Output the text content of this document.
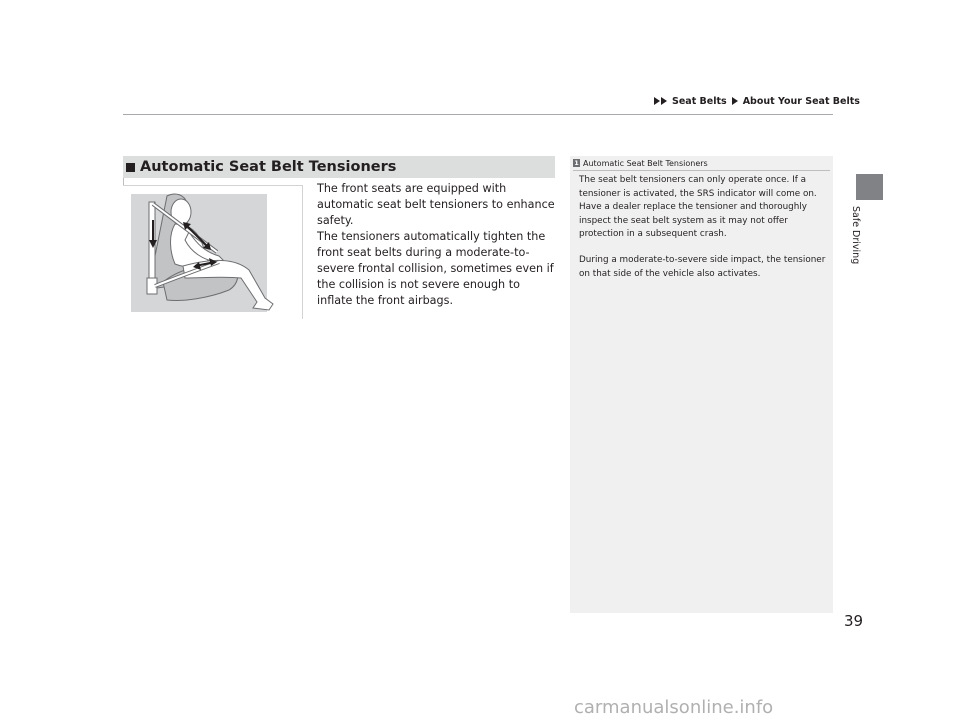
Seat Belts About Your Seat Belts
Safe Driving
Automatic Seat Belt Tensioners
The front seats are equipped with automatic seat belt tensioners to enhance safety.
The tensioners automatically tighten the front seat belts during a moderate-to-severe frontal collision, sometimes even if the collision is not severe enough to inflate the front airbags.
1 Automatic Seat Belt Tensioners
The seat belt tensioners can only operate once. If a tensioner is activated, the SRS indicator will come on. Have a dealer replace the tensioner and thoroughly inspect the seat belt system as it may not offer protection in a subsequent crash.
During a moderate-to-severe side impact, the tensioner on that side of the vehicle also activates.
39
carmanualsonline.info
